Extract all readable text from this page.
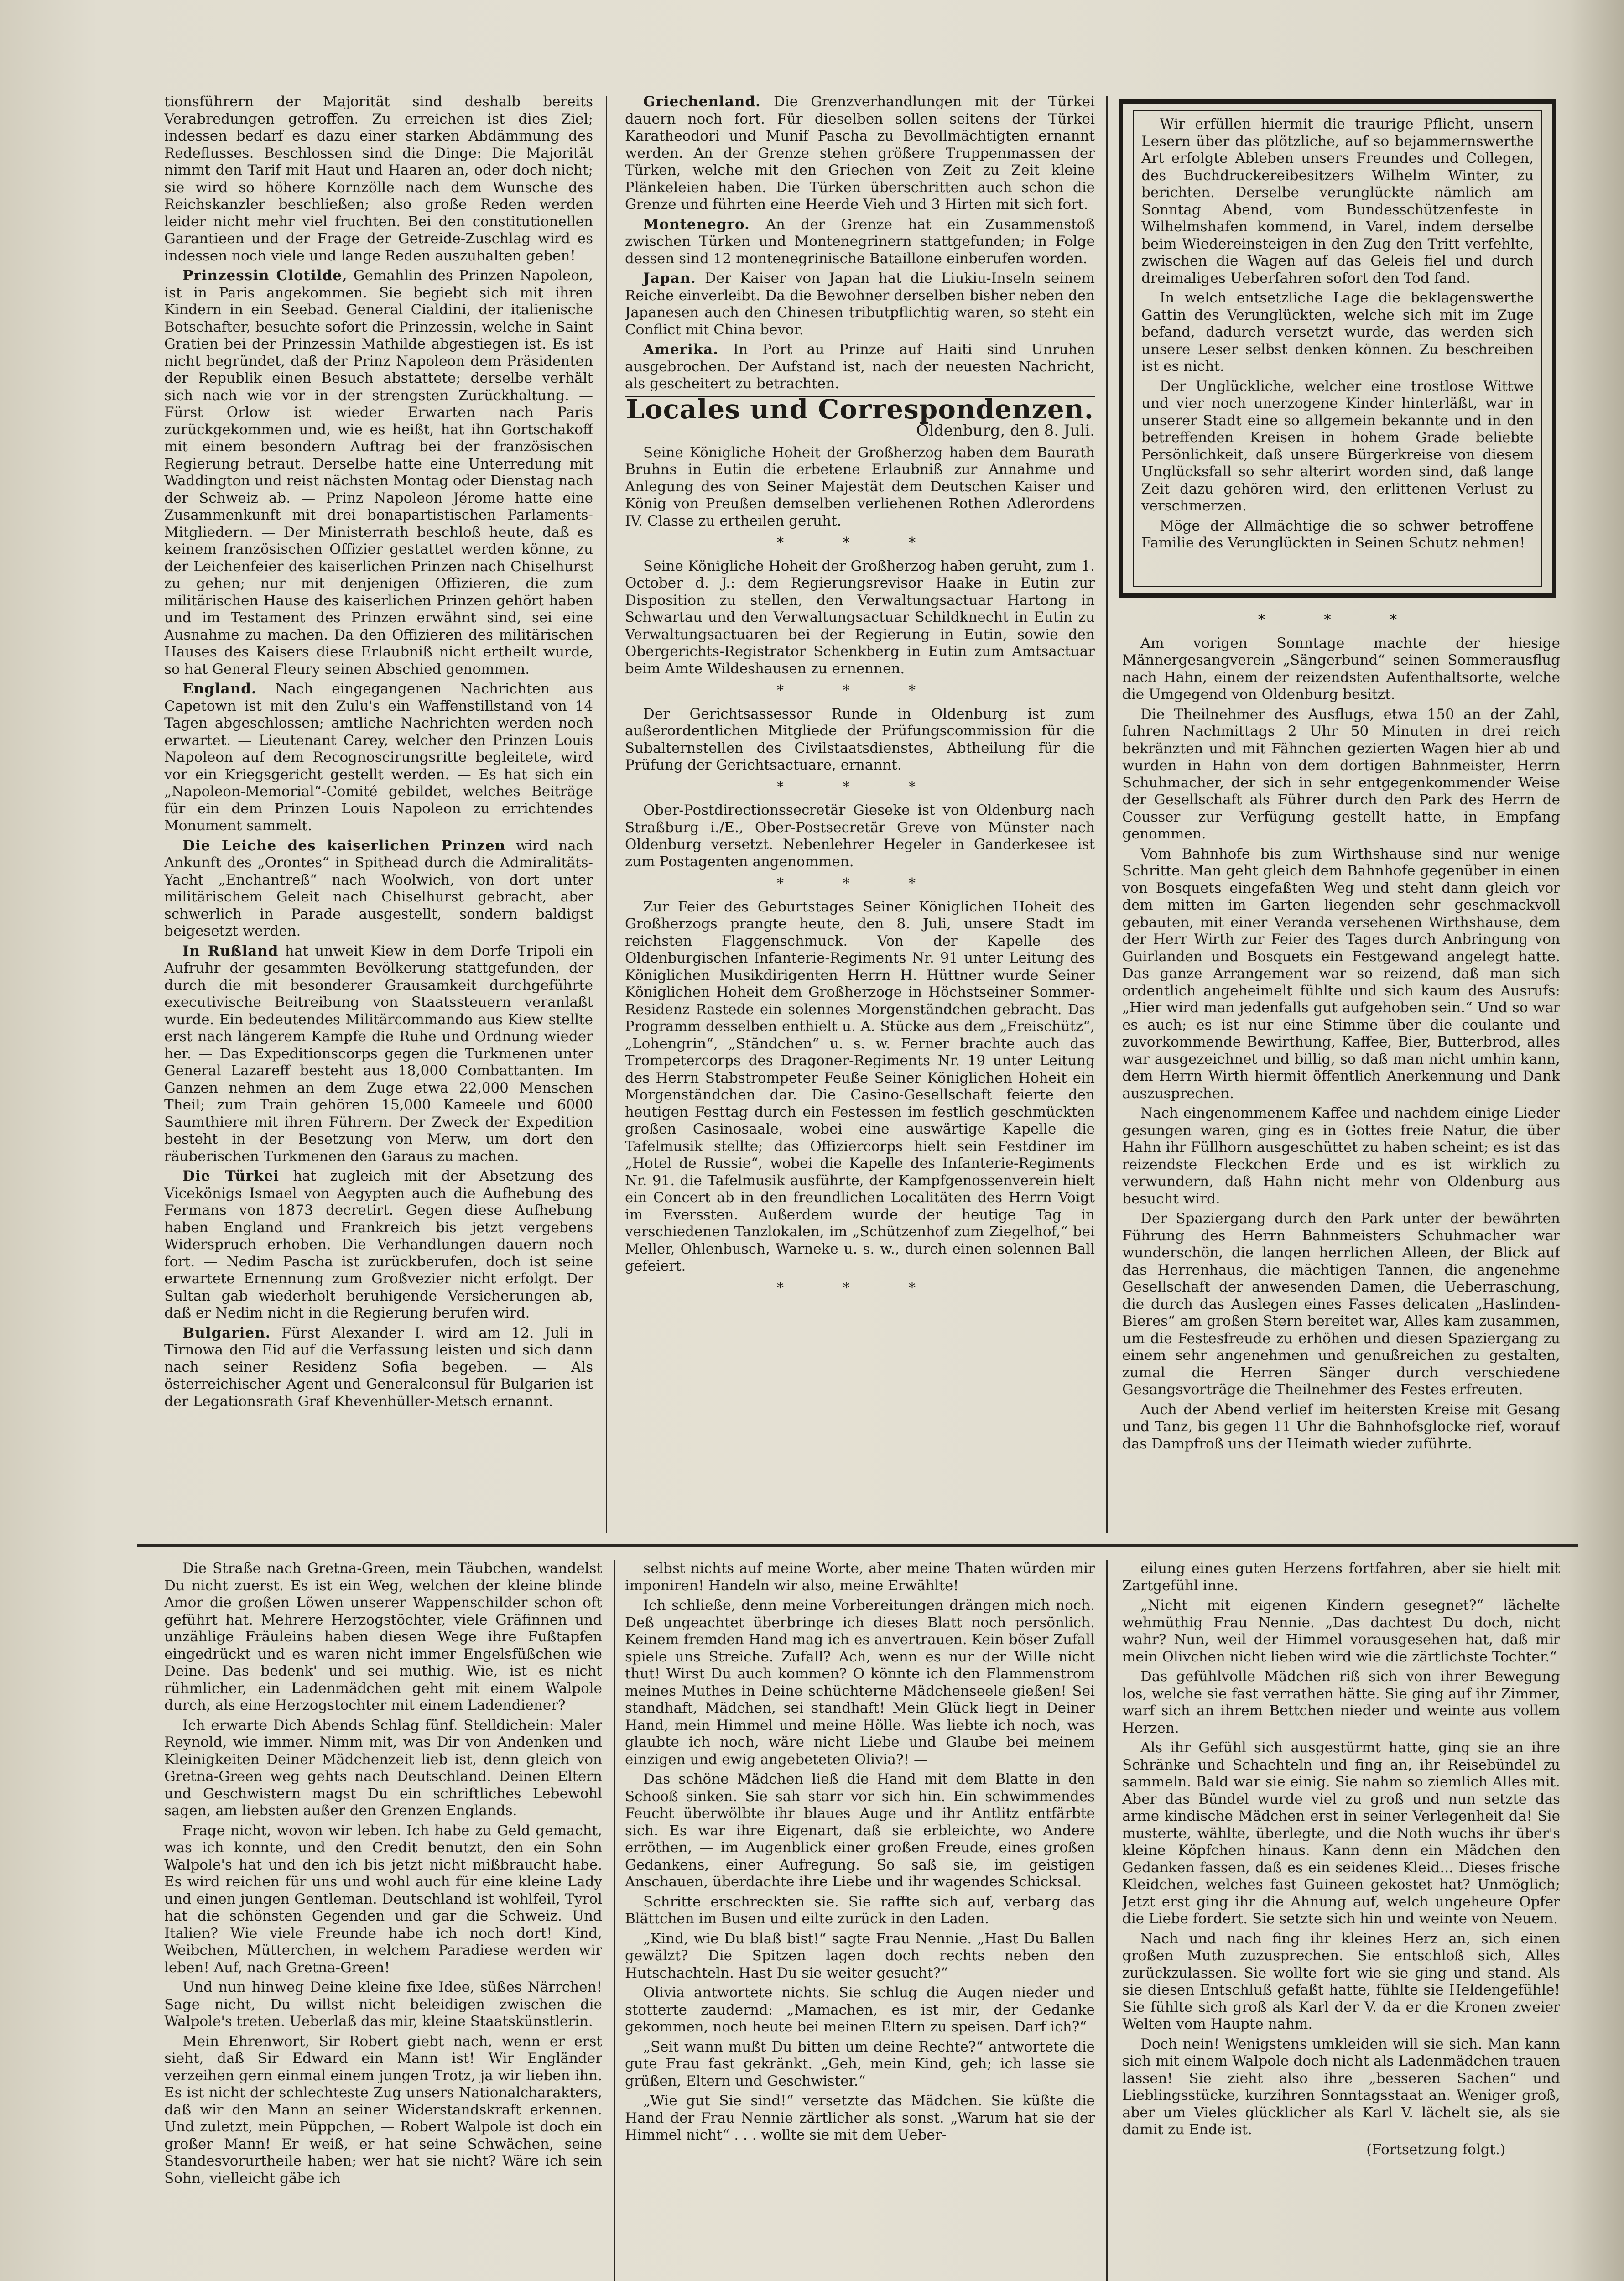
tionsführern der Majorität sind deshalb bereits Verabredungen getroffen. Zu erreichen ist dies Ziel; indessen bedarf es dazu einer starken Abdämmung des Redeflusses. Beschlossen sind die Dinge: Die Majorität nimmt den Tarif mit Haut und Haaren an, oder doch nicht; sie wird so höhere Kornzölle nach dem Wunsche des Reichskanzler beschließen; also große Reden werden leider nicht mehr viel fruchten. Bei den constitutionellen Garantieen und der Frage der Getreide-Zuschlag wird es indessen noch viele und lange Reden auszuhalten geben!

Prinzessin Clotilde, Gemahlin des Prinzen Napoleon, ist in Paris angekommen. Sie begiebt sich mit ihren Kindern in ein Seebad. General Cialdini, der italienische Botschafter, besuchte sofort die Prinzessin, welche in Saint Gratien bei der Prinzessin Mathilde abgestiegen ist. Es ist nicht begründet, daß der Prinz Napoleon dem Präsidenten der Republik einen Besuch abstattete; derselbe verhält sich nach wie vor in der strengsten Zurückhaltung. — Fürst Orlow ist wieder Erwarten nach Paris zurückgekommen und, wie es heißt, hat ihn Gortschakoff mit einem besondern Auftrag bei der französischen Regierung betraut. Derselbe hatte eine Unterredung mit Waddington und reist nächsten Montag oder Dienstag nach der Schweiz ab. — Prinz Napoleon Jérome hatte eine Zusammenkunft mit drei bonapartistischen Parlaments-Mitgliedern. — Der Ministerrath beschloß heute, daß es keinem französischen Offizier gestattet werden könne, zu der Leichenfeier des kaiserlichen Prinzen nach Chiselhurst zu gehen; nur mit denjenigen Offizieren, die zum militärischen Hause des kaiserlichen Prinzen gehört haben und im Testament des Prinzen erwähnt sind, sei eine Ausnahme zu machen. Da den Offizieren des militärischen Hauses des Kaisers diese Erlaubniß nicht ertheilt wurde, so hat General Fleury seinen Abschied genommen.

England. Nach eingegangenen Nachrichten aus Capetown ist mit den Zulu's ein Waffenstillstand von 14 Tagen abgeschlossen; amtliche Nachrichten werden noch erwartet. — Lieutenant Carey, welcher den Prinzen Louis Napoleon auf dem Recognoscirungsritte begleitete, wird vor ein Kriegsgericht gestellt werden. — Es hat sich ein „Napoleon-Memorial“-Comité gebildet, welches Beiträge für ein dem Prinzen Louis Napoleon zu errichtendes Monument sammelt.

Die Leiche des kaiserlichen Prinzen wird nach Ankunft des „Orontes“ in Spithead durch die Admiralitäts-Yacht „Enchantreß“ nach Woolwich, von dort unter militärischem Geleit nach Chiselhurst gebracht, aber schwerlich in Parade ausgestellt, sondern baldigst beigesetzt werden.

In Rußland hat unweit Kiew in dem Dorfe Tripoli ein Aufruhr der gesammten Bevölkerung stattgefunden, der durch die mit besonderer Grausamkeit durchgeführte executivische Beitreibung von Staatssteuern veranlaßt wurde. Ein bedeutendes Militärcommando aus Kiew stellte erst nach längerem Kampfe die Ruhe und Ordnung wieder her. — Das Expeditionscorps gegen die Turkmenen unter General Lazareff besteht aus 18,000 Combattanten. Im Ganzen nehmen an dem Zuge etwa 22,000 Menschen Theil; zum Train gehören 15,000 Kameele und 6000 Saumthiere mit ihren Führern. Der Zweck der Expedition besteht in der Besetzung von Merw, um dort den räuberischen Turkmenen den Garaus zu machen.

Die Türkei hat zugleich mit der Absetzung des Vicekönigs Ismael von Aegypten auch die Aufhebung des Fermans von 1873 decretirt. Gegen diese Aufhebung haben England und Frankreich bis jetzt vergebens Widerspruch erhoben. Die Verhandlungen dauern noch fort. — Nedim Pascha ist zurückberufen, doch ist seine erwartete Ernennung zum Großvezier nicht erfolgt. Der Sultan gab wiederholt beruhigende Versicherungen ab, daß er Nedim nicht in die Regierung berufen wird.

Bulgarien. Fürst Alexander I. wird am 12. Juli in Tirnowa den Eid auf die Verfassung leisten und sich dann nach seiner Residenz Sofia begeben. — Als österreichischer Agent und Generalconsul für Bulgarien ist der Legationsrath Graf Khevenhüller-Metsch ernannt.

Griechenland. Die Grenzverhandlungen mit der Türkei dauern noch fort. Für dieselben sollen seitens der Türkei Karatheodori und Munif Pascha zu Bevollmächtigten ernannt werden. An der Grenze stehen größere Truppenmassen der Türken, welche mit den Griechen von Zeit zu Zeit kleine Plänkeleien haben. Die Türken überschritten auch schon die Grenze und führten eine Heerde Vieh und 3 Hirten mit sich fort.

Montenegro. An der Grenze hat ein Zusammenstoß zwischen Türken und Montenegrinern stattgefunden; in Folge dessen sind 12 montenegrinische Bataillone einberufen worden.

Japan. Der Kaiser von Japan hat die Liukiu-Inseln seinem Reiche einverleibt. Da die Bewohner derselben bisher neben den Japanesen auch den Chinesen tributpflichtig waren, so steht ein Conflict mit China bevor.

Amerika. In Port au Prinze auf Haiti sind Unruhen ausgebrochen. Der Aufstand ist, nach der neuesten Nachricht, als gescheitert zu betrachten.

Locales und Correspondenzen.
Oldenburg, den 8. Juli.

Seine Königliche Hoheit der Großherzog haben dem Baurath Bruhns in Eutin die erbetene Erlaubniß zur Annahme und Anlegung des von Seiner Majestät dem Deutschen Kaiser und König von Preußen demselben verliehenen Rothen Adlerordens IV. Classe zu ertheilen geruht.

* * *

Seine Königliche Hoheit der Großherzog haben geruht, zum 1. October d. J.: dem Regierungsrevisor Haake in Eutin zur Disposition zu stellen, den Verwaltungsactuar Hartong in Schwartau und den Verwaltungsactuar Schildknecht in Eutin zu Verwaltungsactuaren bei der Regierung in Eutin, sowie den Obergerichts-Registrator Schenkberg in Eutin zum Amtsactuar beim Amte Wildeshausen zu ernennen.

* * *

Der Gerichtsassessor Runde in Oldenburg ist zum außerordentlichen Mitgliede der Prüfungscommission für die Subalternstellen des Civilstaatsdienstes, Abtheilung für die Prüfung der Gerichtsactuare, ernannt.

* * *

Ober-Postdirectionssecretär Gieseke ist von Oldenburg nach Straßburg i./E., Ober-Postsecretär Greve von Münster nach Oldenburg versetzt. Nebenlehrer Hegeler in Ganderkesee ist zum Postagenten angenommen.

* * *

Zur Feier des Geburtstages Seiner Königlichen Hoheit des Großherzogs prangte heute, den 8. Juli, unsere Stadt im reichsten Flaggenschmuck. Von der Kapelle des Oldenburgischen Infanterie-Regiments Nr. 91 unter Leitung des Königlichen Musikdirigenten Herrn H. Hüttner wurde Seiner Königlichen Hoheit dem Großherzoge in Höchstseiner Sommer-Residenz Rastede ein solennes Morgenständchen gebracht. Das Programm desselben enthielt u. A. Stücke aus dem „Freischütz“, „Lohengrin“, „Ständchen“ u. s. w. Ferner brachte auch das Trompetercorps des Dragoner-Regiments Nr. 19 unter Leitung des Herrn Stabstrompeter Feuße Seiner Königlichen Hoheit ein Morgenständchen dar. Die Casino-Gesellschaft feierte den heutigen Festtag durch ein Festessen im festlich geschmückten großen Casinosaale, wobei eine auswärtige Kapelle die Tafelmusik stellte; das Offiziercorps hielt sein Festdiner im „Hotel de Russie“, wobei die Kapelle des Infanterie-Regiments Nr. 91. die Tafelmusik ausführte, der Kampfgenossenverein hielt ein Concert ab in den freundlichen Localitäten des Herrn Voigt im Everssten. Außerdem wurde der heutige Tag in verschiedenen Tanzlokalen, im „Schützenhof zum Ziegelhof,“ bei Meller, Ohlenbusch, Warneke u. s. w., durch einen solennen Ball gefeiert.

* * *

Wir erfüllen hiermit die traurige Pflicht, unsern Lesern über das plötzliche, auf so bejammernswerthe Art erfolgte Ableben unsers Freundes und Collegen, des Buchdruckereibesitzers Wilhelm Winter, zu berichten. Derselbe verunglückte nämlich am Sonntag Abend, vom Bundesschützenfeste in Wilhelmshafen kommend, in Varel, indem derselbe beim Wiedereinsteigen in den Zug den Tritt verfehlte, zwischen die Wagen auf das Geleis fiel und durch dreimaliges Ueberfahren sofort den Tod fand.

In welch entsetzliche Lage die beklagenswerthe Gattin des Verunglückten, welche sich mit im Zuge befand, dadurch versetzt wurde, das werden sich unsere Leser selbst denken können. Zu beschreiben ist es nicht.

Der Unglückliche, welcher eine trostlose Wittwe und vier noch unerzogene Kinder hinterläßt, war in unserer Stadt eine so allgemein bekannte und in den betreffenden Kreisen in hohem Grade beliebte Persönlichkeit, daß unsere Bürgerkreise von diesem Unglücksfall so sehr alterirt worden sind, daß lange Zeit dazu gehören wird, den erlittenen Verlust zu verschmerzen.

Möge der Allmächtige die so schwer betroffene Familie des Verunglückten in Seinen Schutz nehmen!

* * *

Am vorigen Sonntage machte der hiesige Männergesangverein „Sängerbund“ seinen Sommerausflug nach Hahn, einem der reizendsten Aufenthaltsorte, welche die Umgegend von Oldenburg besitzt.

Die Theilnehmer des Ausflugs, etwa 150 an der Zahl, fuhren Nachmittags 2 Uhr 50 Minuten in drei reich bekränzten und mit Fähnchen gezierten Wagen hier ab und wurden in Hahn von dem dortigen Bahnmeister, Herrn Schuhmacher, der sich in sehr entgegenkommender Weise der Gesellschaft als Führer durch den Park des Herrn de Cousser zur Verfügung gestellt hatte, in Empfang genommen.

Vom Bahnhofe bis zum Wirthshause sind nur wenige Schritte. Man geht gleich dem Bahnhofe gegenüber in einen von Bosquets eingefaßten Weg und steht dann gleich vor dem mitten im Garten liegenden sehr geschmackvoll gebauten, mit einer Veranda versehenen Wirthshause, dem der Herr Wirth zur Feier des Tages durch Anbringung von Guirlanden und Bosquets ein Festgewand angelegt hatte. Das ganze Arrangement war so reizend, daß man sich ordentlich angeheimelt fühlte und sich kaum des Ausrufs: „Hier wird man jedenfalls gut aufgehoben sein.“ Und so war es auch; es ist nur eine Stimme über die coulante und zuvorkommende Bewirthung, Kaffee, Bier, Butterbrod, alles war ausgezeichnet und billig, so daß man nicht umhin kann, dem Herrn Wirth hiermit öffentlich Anerkennung und Dank auszusprechen.

Nach eingenommenem Kaffee und nachdem einige Lieder gesungen waren, ging es in Gottes freie Natur, die über Hahn ihr Füllhorn ausgeschüttet zu haben scheint; es ist das reizendste Fleckchen Erde und es ist wirklich zu verwundern, daß Hahn nicht mehr von Oldenburg aus besucht wird.

Der Spaziergang durch den Park unter der bewährten Führung des Herrn Bahnmeisters Schuhmacher war wunderschön, die langen herrlichen Alleen, der Blick auf das Herrenhaus, die mächtigen Tannen, die angenehme Gesellschaft der anwesenden Damen, die Ueberraschung, die durch das Auslegen eines Fasses delicaten „Haslinden-Bieres“ am großen Stern bereitet war, Alles kam zusammen, um die Festesfreude zu erhöhen und diesen Spaziergang zu einem sehr angenehmen und genußreichen zu gestalten, zumal die Herren Sänger durch verschiedene Gesangsvorträge die Theilnehmer des Festes erfreuten.

Auch der Abend verlief im heitersten Kreise mit Gesang und Tanz, bis gegen 11 Uhr die Bahnhofsglocke rief, worauf das Dampfroß uns der Heimath wieder zuführte.

Die Straße nach Gretna-Green, mein Täubchen, wandelst Du nicht zuerst. Es ist ein Weg, welchen der kleine blinde Amor die großen Löwen unserer Wappenschilder schon oft geführt hat. Mehrere Herzogstöchter, viele Gräfinnen und unzählige Fräuleins haben diesen Wege ihre Fußtapfen eingedrückt und es waren nicht immer Engelsfüßchen wie Deine. Das bedenk' und sei muthig. Wie, ist es nicht rühmlicher, ein Ladenmädchen geht mit einem Walpole durch, als eine Herzogstochter mit einem Ladendiener?

Ich erwarte Dich Abends Schlag fünf. Stelldichein: Maler Reynold, wie immer. Nimm mit, was Dir von Andenken und Kleinigkeiten Deiner Mädchenzeit lieb ist, denn gleich von Gretna-Green weg gehts nach Deutschland. Deinen Eltern und Geschwistern magst Du ein schriftliches Lebewohl sagen, am liebsten außer den Grenzen Englands.

Frage nicht, wovon wir leben. Ich habe zu Geld gemacht, was ich konnte, und den Credit benutzt, den ein Sohn Walpole's hat und den ich bis jetzt nicht mißbraucht habe. Es wird reichen für uns und wohl auch für eine kleine Lady und einen jungen Gentleman. Deutschland ist wohlfeil, Tyrol hat die schönsten Gegenden und gar die Schweiz. Und Italien? Wie viele Freunde habe ich noch dort! Kind, Weibchen, Mütterchen, in welchem Paradiese werden wir leben! Auf, nach Gretna-Green!

Und nun hinweg Deine kleine fixe Idee, süßes Närrchen! Sage nicht, Du willst nicht beleidigen zwischen die Walpole's treten. Ueberlaß das mir, kleine Staatskünstlerin.

Mein Ehrenwort, Sir Robert giebt nach, wenn er erst sieht, daß Sir Edward ein Mann ist! Wir Engländer verzeihen gern einmal einem jungen Trotz, ja wir lieben ihn. Es ist nicht der schlechteste Zug unsers Nationalcharakters, daß wir den Mann an seiner Widerstandskraft erkennen. Und zuletzt, mein Püppchen, — Robert Walpole ist doch ein großer Mann! Er weiß, er hat seine Schwächen, seine Standesvorurtheile haben; wer hat sie nicht? Wäre ich sein Sohn, vielleicht gäbe ich

selbst nichts auf meine Worte, aber meine Thaten würden mir imponiren! Handeln wir also, meine Erwählte!

Ich schließe, denn meine Vorbereitungen drängen mich noch. Deß ungeachtet überbringe ich dieses Blatt noch persönlich. Keinem fremden Hand mag ich es anvertrauen. Kein böser Zufall spiele uns Streiche. Zufall? Ach, wenn es nur der Wille nicht thut! Wirst Du auch kommen? O könnte ich den Flammenstrom meines Muthes in Deine schüchterne Mädchenseele gießen! Sei standhaft, Mädchen, sei standhaft! Mein Glück liegt in Deiner Hand, mein Himmel und meine Hölle. Was liebte ich noch, was glaubte ich noch, wäre nicht Liebe und Glaube bei meinem einzigen und ewig angebeteten Olivia?! —

Das schöne Mädchen ließ die Hand mit dem Blatte in den Schooß sinken. Sie sah starr vor sich hin. Ein schwimmendes Feucht überwölbte ihr blaues Auge und ihr Antlitz entfärbte sich. Es war ihre Eigenart, daß sie erbleichte, wo Andere erröthen, — im Augenblick einer großen Freude, eines großen Gedankens, einer Aufregung. So saß sie, im geistigen Anschauen, überdachte ihre Liebe und ihr wagendes Schicksal.

Schritte erschreckten sie. Sie raffte sich auf, verbarg das Blättchen im Busen und eilte zurück in den Laden.

„Kind, wie Du blaß bist!“ sagte Frau Nennie. „Hast Du Ballen gewälzt? Die Spitzen lagen doch rechts neben den Hutschachteln. Hast Du sie weiter gesucht?“

Olivia antwortete nichts. Sie schlug die Augen nieder und stotterte zaudernd: „Mamachen, es ist mir, der Gedanke gekommen, noch heute bei meinen Eltern zu speisen. Darf ich?“

„Seit wann mußt Du bitten um deine Rechte?“ antwortete die gute Frau fast gekränkt. „Geh, mein Kind, geh; ich lasse sie grüßen, Eltern und Geschwister.“

„Wie gut Sie sind!“ versetzte das Mädchen. Sie küßte die Hand der Frau Nennie zärtlicher als sonst. „Warum hat sie der Himmel nicht“ . . . wollte sie mit dem Ueber-

eilung eines guten Herzens fortfahren, aber sie hielt mit Zartgefühl inne.

„Nicht mit eigenen Kindern gesegnet?“ lächelte wehmüthig Frau Nennie. „Das dachtest Du doch, nicht wahr? Nun, weil der Himmel vorausgesehen hat, daß mir mein Olivchen nicht lieben wird wie die zärtlichste Tochter.“

Das gefühlvolle Mädchen riß sich von ihrer Bewegung los, welche sie fast verrathen hätte. Sie ging auf ihr Zimmer, warf sich an ihrem Bettchen nieder und weinte aus vollem Herzen.

Als ihr Gefühl sich ausgestürmt hatte, ging sie an ihre Schränke und Schachteln und fing an, ihr Reisebündel zu sammeln. Bald war sie einig. Sie nahm so ziemlich Alles mit. Aber das Bündel wurde viel zu groß und nun setzte das arme kindische Mädchen erst in seiner Verlegenheit da! Sie musterte, wählte, überlegte, und die Noth wuchs ihr über's kleine Köpfchen hinaus. Kann denn ein Mädchen den Gedanken fassen, daß es ein seidenes Kleid... Dieses frische Kleidchen, welches fast Guineen gekostet hat? Unmöglich; Jetzt erst ging ihr die Ahnung auf, welch ungeheure Opfer die Liebe fordert. Sie setzte sich hin und weinte von Neuem.

Nach und nach fing ihr kleines Herz an, sich einen großen Muth zuzusprechen. Sie entschloß sich, Alles zurückzulassen. Sie wollte fort wie sie ging und stand. Als sie diesen Entschluß gefaßt hatte, fühlte sie Heldengefühle! Sie fühlte sich groß als Karl der V. da er die Kronen zweier Welten vom Haupte nahm.

Doch nein! Wenigstens umkleiden will sie sich. Man kann sich mit einem Walpole doch nicht als Ladenmädchen trauen lassen! Sie zieht also ihre „besseren Sachen“ und Lieblingsstücke, kurzihren Sonntagsstaat an. Weniger groß, aber um Vieles glücklicher als Karl V. lächelt sie, als sie damit zu Ende ist.

(Fortsetzung folgt.)
